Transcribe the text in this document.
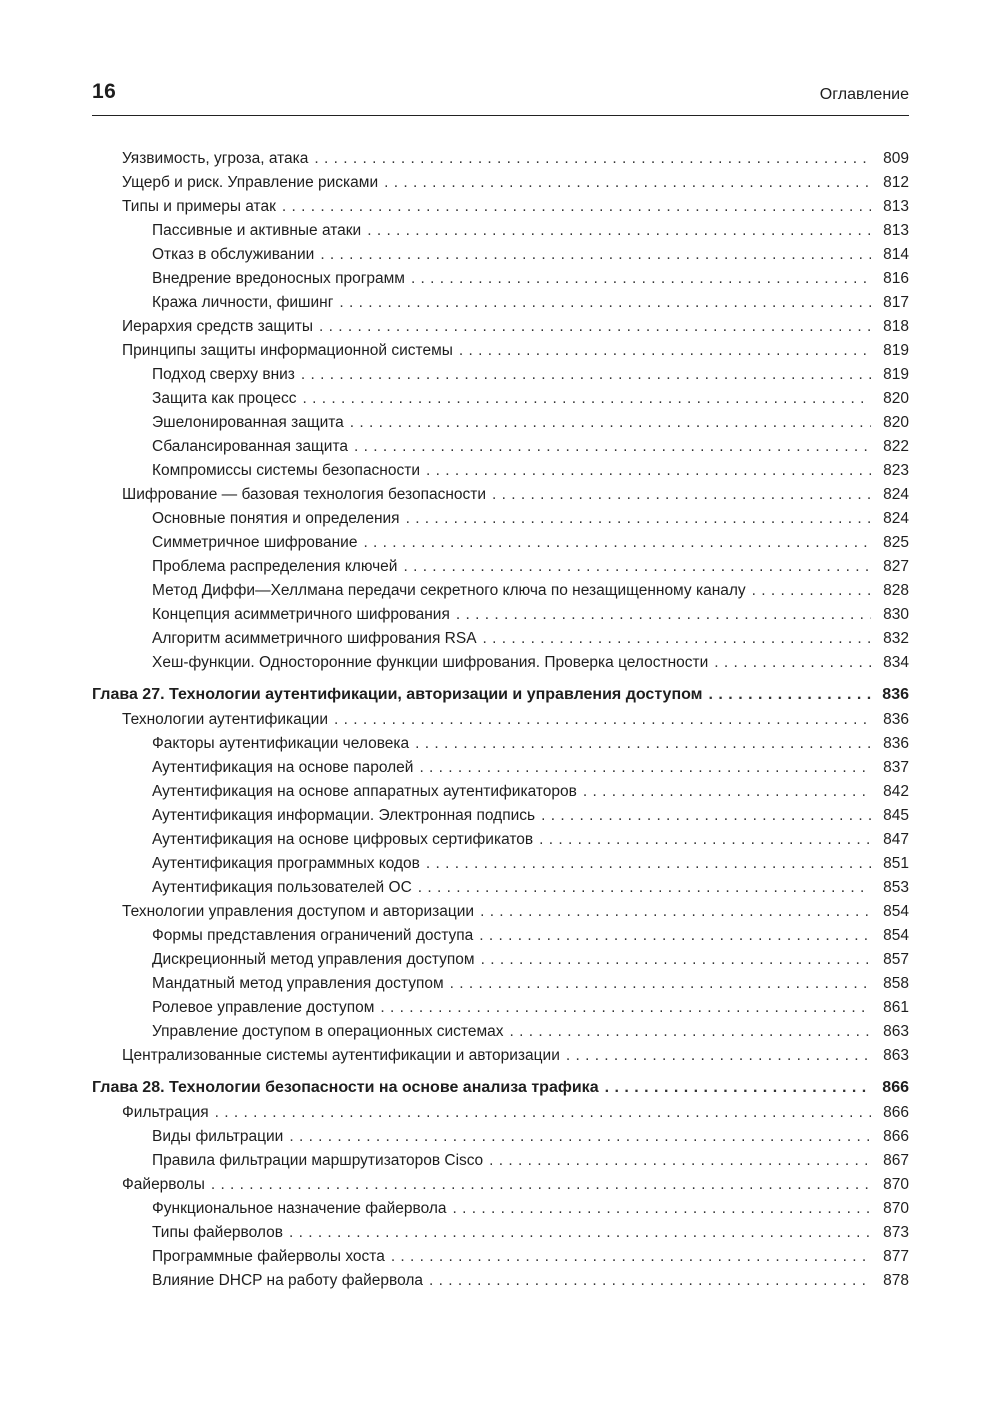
16	Оглавление
Уязвимость, угроза, атака . . .	809
Ущерб и риск. Управление рисками . . .	812
Типы и примеры атак . . .	813
Пассивные и активные атаки . . .	813
Отказ в обслуживании . . .	814
Внедрение вредоносных программ . . .	816
Кража личности, фишинг . . .	817
Иерархия средств защиты . . .	818
Принципы защиты информационной системы . . .	819
Подход сверху вниз . . .	819
Защита как процесс . . .	820
Эшелонированная защита . . .	820
Сбалансированная защита . . .	822
Компромиссы системы безопасности . . .	823
Шифрование — базовая технология безопасности . . .	824
Основные понятия и определения . . .	824
Симметричное шифрование . . .	825
Проблема распределения ключей . . .	827
Метод Диффи—Хеллмана передачи секретного ключа по незащищенному каналу . . .	828
Концепция асимметричного шифрования . . .	830
Алгоритм асимметричного шифрования RSA . . .	832
Хеш-функции. Односторонние функции шифрования. Проверка целостности . . .	834
Глава 27. Технологии аутентификации, авторизации и управления доступом . . .	836
Технологии аутентификации . . .	836
Факторы аутентификации человека . . .	836
Аутентификация на основе паролей . . .	837
Аутентификация на основе аппаратных аутентификаторов . . .	842
Аутентификация информации. Электронная подпись . . .	845
Аутентификация на основе цифровых сертификатов . . .	847
Аутентификация программных кодов . . .	851
Аутентификация пользователей ОС . . .	853
Технологии управления доступом и авторизации . . .	854
Формы представления ограничений доступа . . .	854
Дискреционный метод управления доступом . . .	857
Мандатный метод управления доступом . . .	858
Ролевое управление доступом . . .	861
Управление доступом в операционных системах . . .	863
Централизованные системы аутентификации и авторизации . . .	863
Глава 28. Технологии безопасности на основе анализа трафика . . .	866
Фильтрация . . .	866
Виды фильтрации . . .	866
Правила фильтрации маршрутизаторов Cisco . . .	867
Файерволы . . .	870
Функциональное назначение файервола . . .	870
Типы файерволов . . .	873
Программные файерволы хоста . . .	877
Влияние DHCP на работу файервола . . .	878
